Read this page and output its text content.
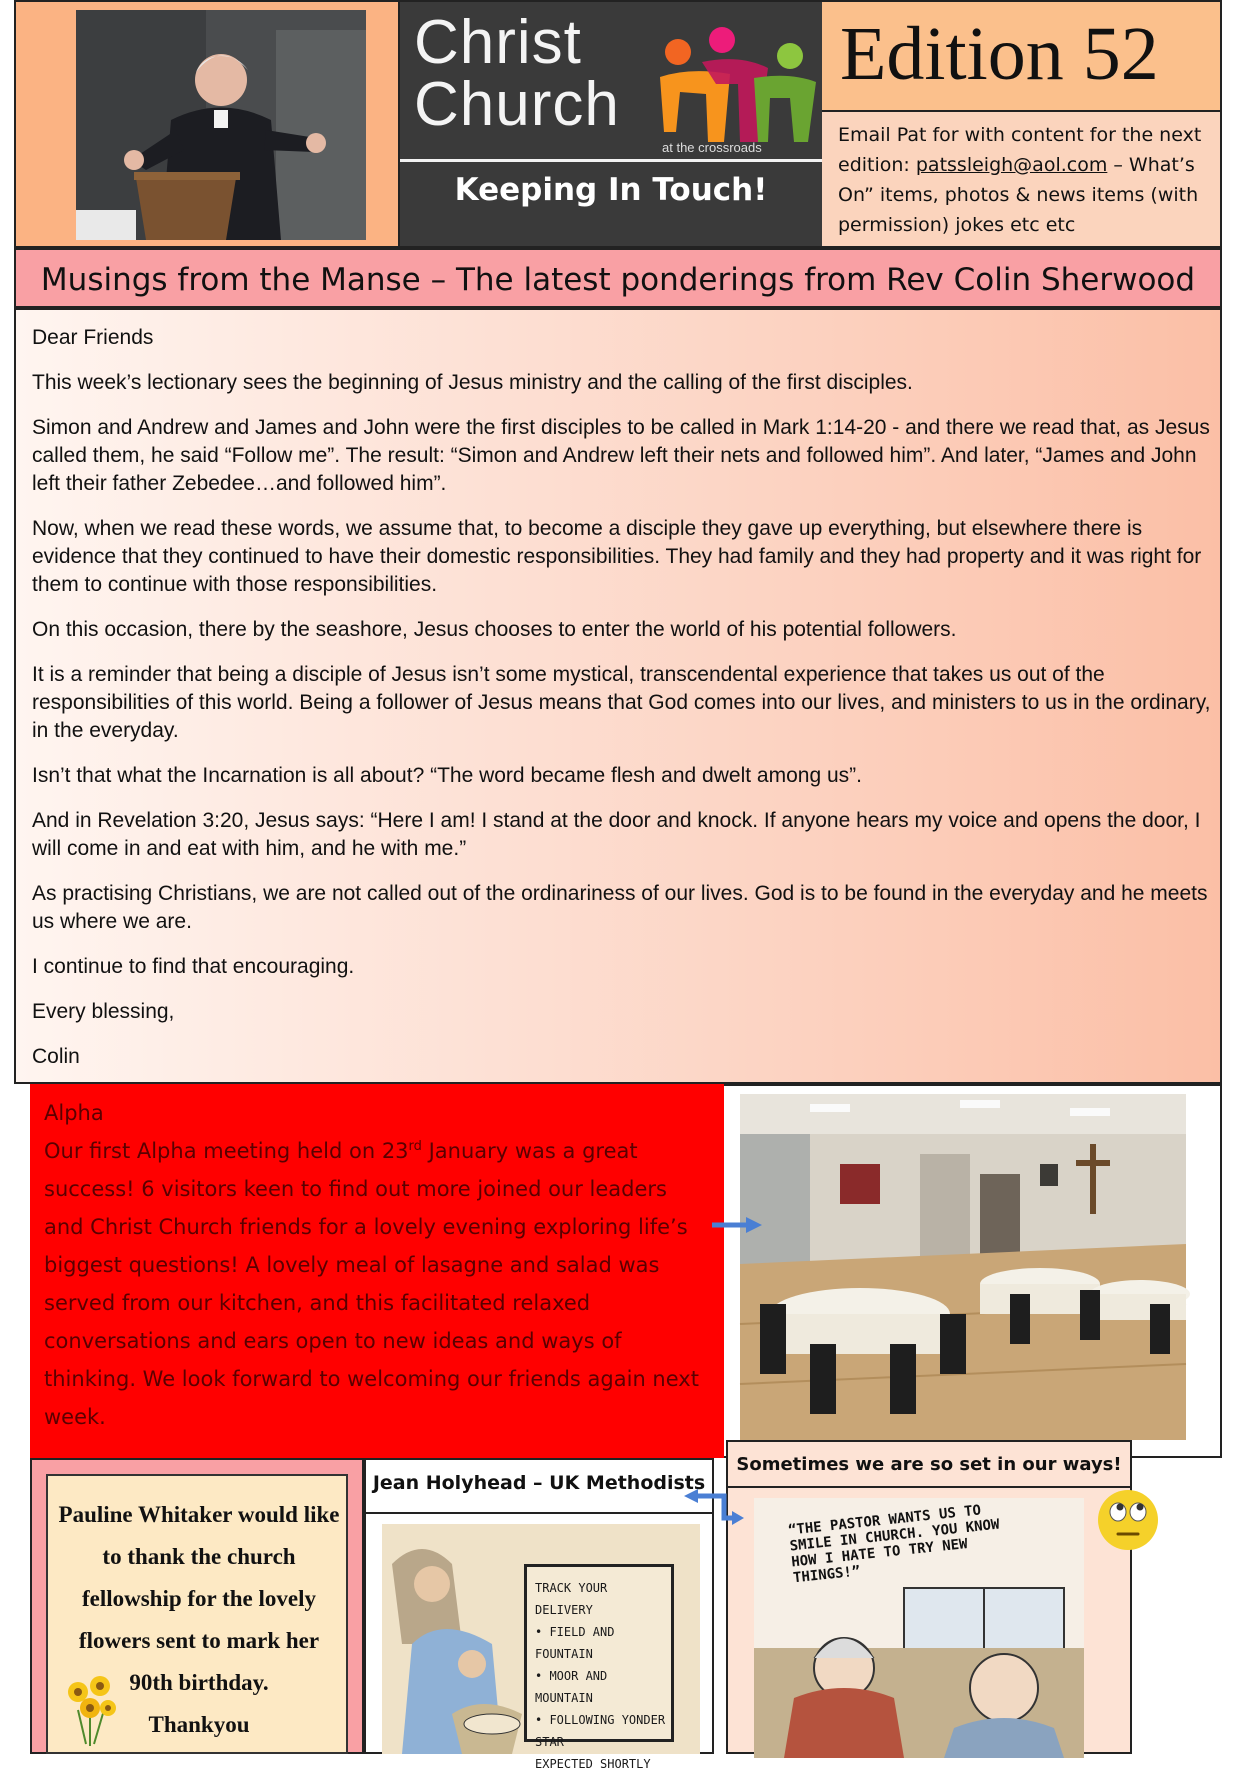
Christ
Church
at the crossroads
Keeping In Touch!
Edition 52
Email Pat for with content for the next edition: patssleigh@aol.com – What’s On” items, photos & news items (with permission) jokes etc etc
Musings from the Manse – The latest ponderings from Rev Colin Sherwood

Dear Friends

This week’s lectionary sees the beginning of Jesus ministry and the calling of the first disciples.

Simon and Andrew and James and John were the first disciples to be called in Mark 1:14-20 - and there we read that, as Jesus called them, he said “Follow me”. The result: “Simon and Andrew left their nets and followed him”. And later, “James and John left their father Zebedee…and followed him”.

Now, when we read these words, we assume that, to become a disciple they gave up everything, but elsewhere there is evidence that they continued to have their domestic responsibilities. They had family and they had property and it was right for them to continue with those responsibilities.

On this occasion, there by the seashore, Jesus chooses to enter the world of his potential followers.

It is a reminder that being a disciple of Jesus isn’t some mystical, transcendental experience that takes us out of the responsibilities of this world. Being a follower of Jesus means that God comes into our lives, and ministers to us in the ordinary, in the everyday.

Isn’t that what the Incarnation is all about? “The word became flesh and dwelt among us”.

And in Revelation 3:20, Jesus says: “Here I am! I stand at the door and knock. If anyone hears my voice and opens the door, I will come in and eat with him, and he with me.”

As practising Christians, we are not called out of the ordinariness of our lives. God is to be found in the everyday and he meets us where we are.

I continue to find that encouraging.

Every blessing,

Colin

Alpha
Our first Alpha meeting held on 23rd January was a great success! 6 visitors keen to find out more joined our leaders and Christ Church friends for a lovely evening exploring life’s biggest questions! A lovely meal of lasagne and salad was served from our kitchen, and this facilitated relaxed conversations and ears open to new ideas and ways of thinking. We look forward to welcoming our friends again next week.
Pauline Whitaker would like to thank the church fellowship for the lovely flowers sent to mark her 90th birthday.
Thankyou
Jean Holyhead – UK Methodists
TRACK YOUR DELIVERY
• FIELD AND FOUNTAIN
• MOOR AND MOUNTAIN
• FOLLOWING YONDER STAR
EXPECTED SHORTLY
Sometimes we are so set in our ways!
“THE PASTOR WANTS US TO SMILE IN CHURCH. YOU KNOW HOW I HATE TO TRY NEW THINGS!”
